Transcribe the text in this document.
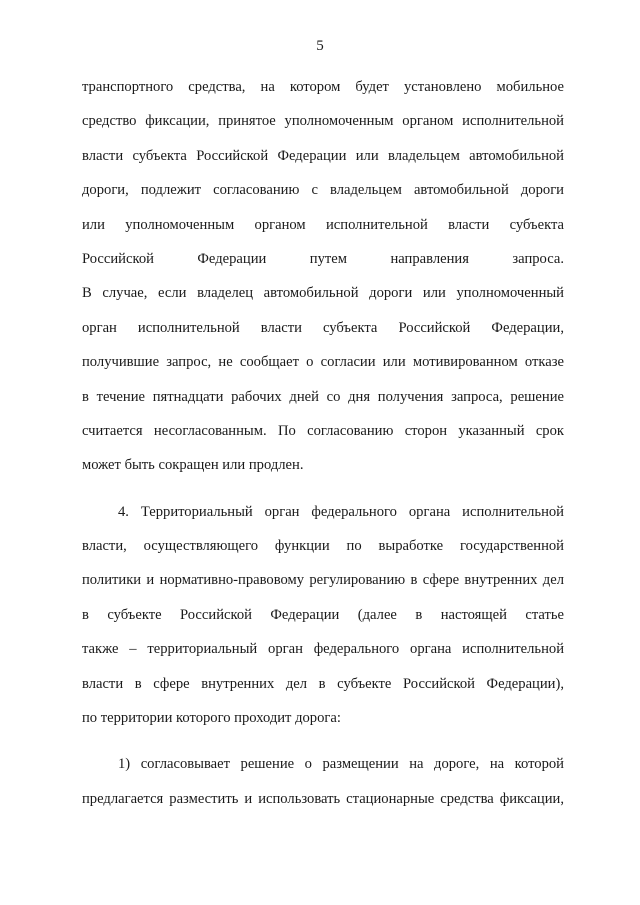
5
транспортного средства, на котором будет установлено мобильное
средство фиксации, принятое уполномоченным органом исполнительной
власти субъекта Российской Федерации или владельцем автомобильной
дороги, подлежит согласованию с владельцем автомобильной дороги
или уполномоченным органом исполнительной власти субъекта
Российской Федерации путем направления запроса.
В случае, если владелец автомобильной дороги или уполномоченный
орган исполнительной власти субъекта Российской Федерации,
получившие запрос, не сообщает о согласии или мотивированном отказе
в течение пятнадцати рабочих дней со дня получения запроса, решение
считается несогласованным. По согласованию сторон указанный срок
может быть сокращен или продлен.
4. Территориальный орган федерального органа исполнительной
власти, осуществляющего функции по выработке государственной
политики и нормативно-правовому регулированию в сфере внутренних дел
в субъекте Российской Федерации (далее в настоящей статье
также – территориальный орган федерального органа исполнительной
власти в сфере внутренних дел в субъекте Российской Федерации),
по территории которого проходит дорога:
1) согласовывает решение о размещении на дороге, на которой
предлагается разместить и использовать стационарные средства фиксации,
